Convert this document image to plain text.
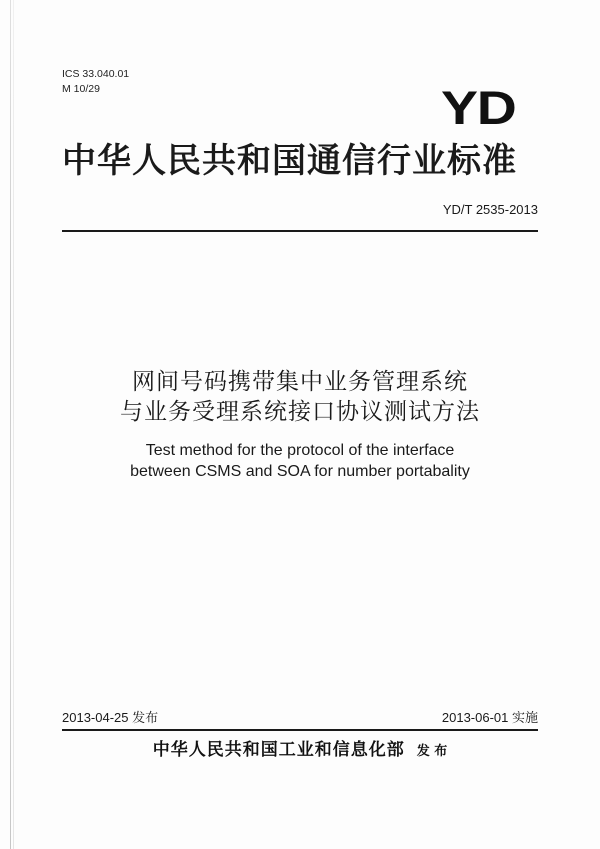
ICS 33.040.01
M 10/29	YD
中华人民共和国通信行业标准
YD/T 2535-2013
网间号码携带集中业务管理系统
与业务受理系统接口协议测试方法
Test method for the protocol of the interface
between CSMS and SOA for number portabality
2013-04-25 发布	2013-06-01 实施
中华人民共和国工业和信息化部 发 布
